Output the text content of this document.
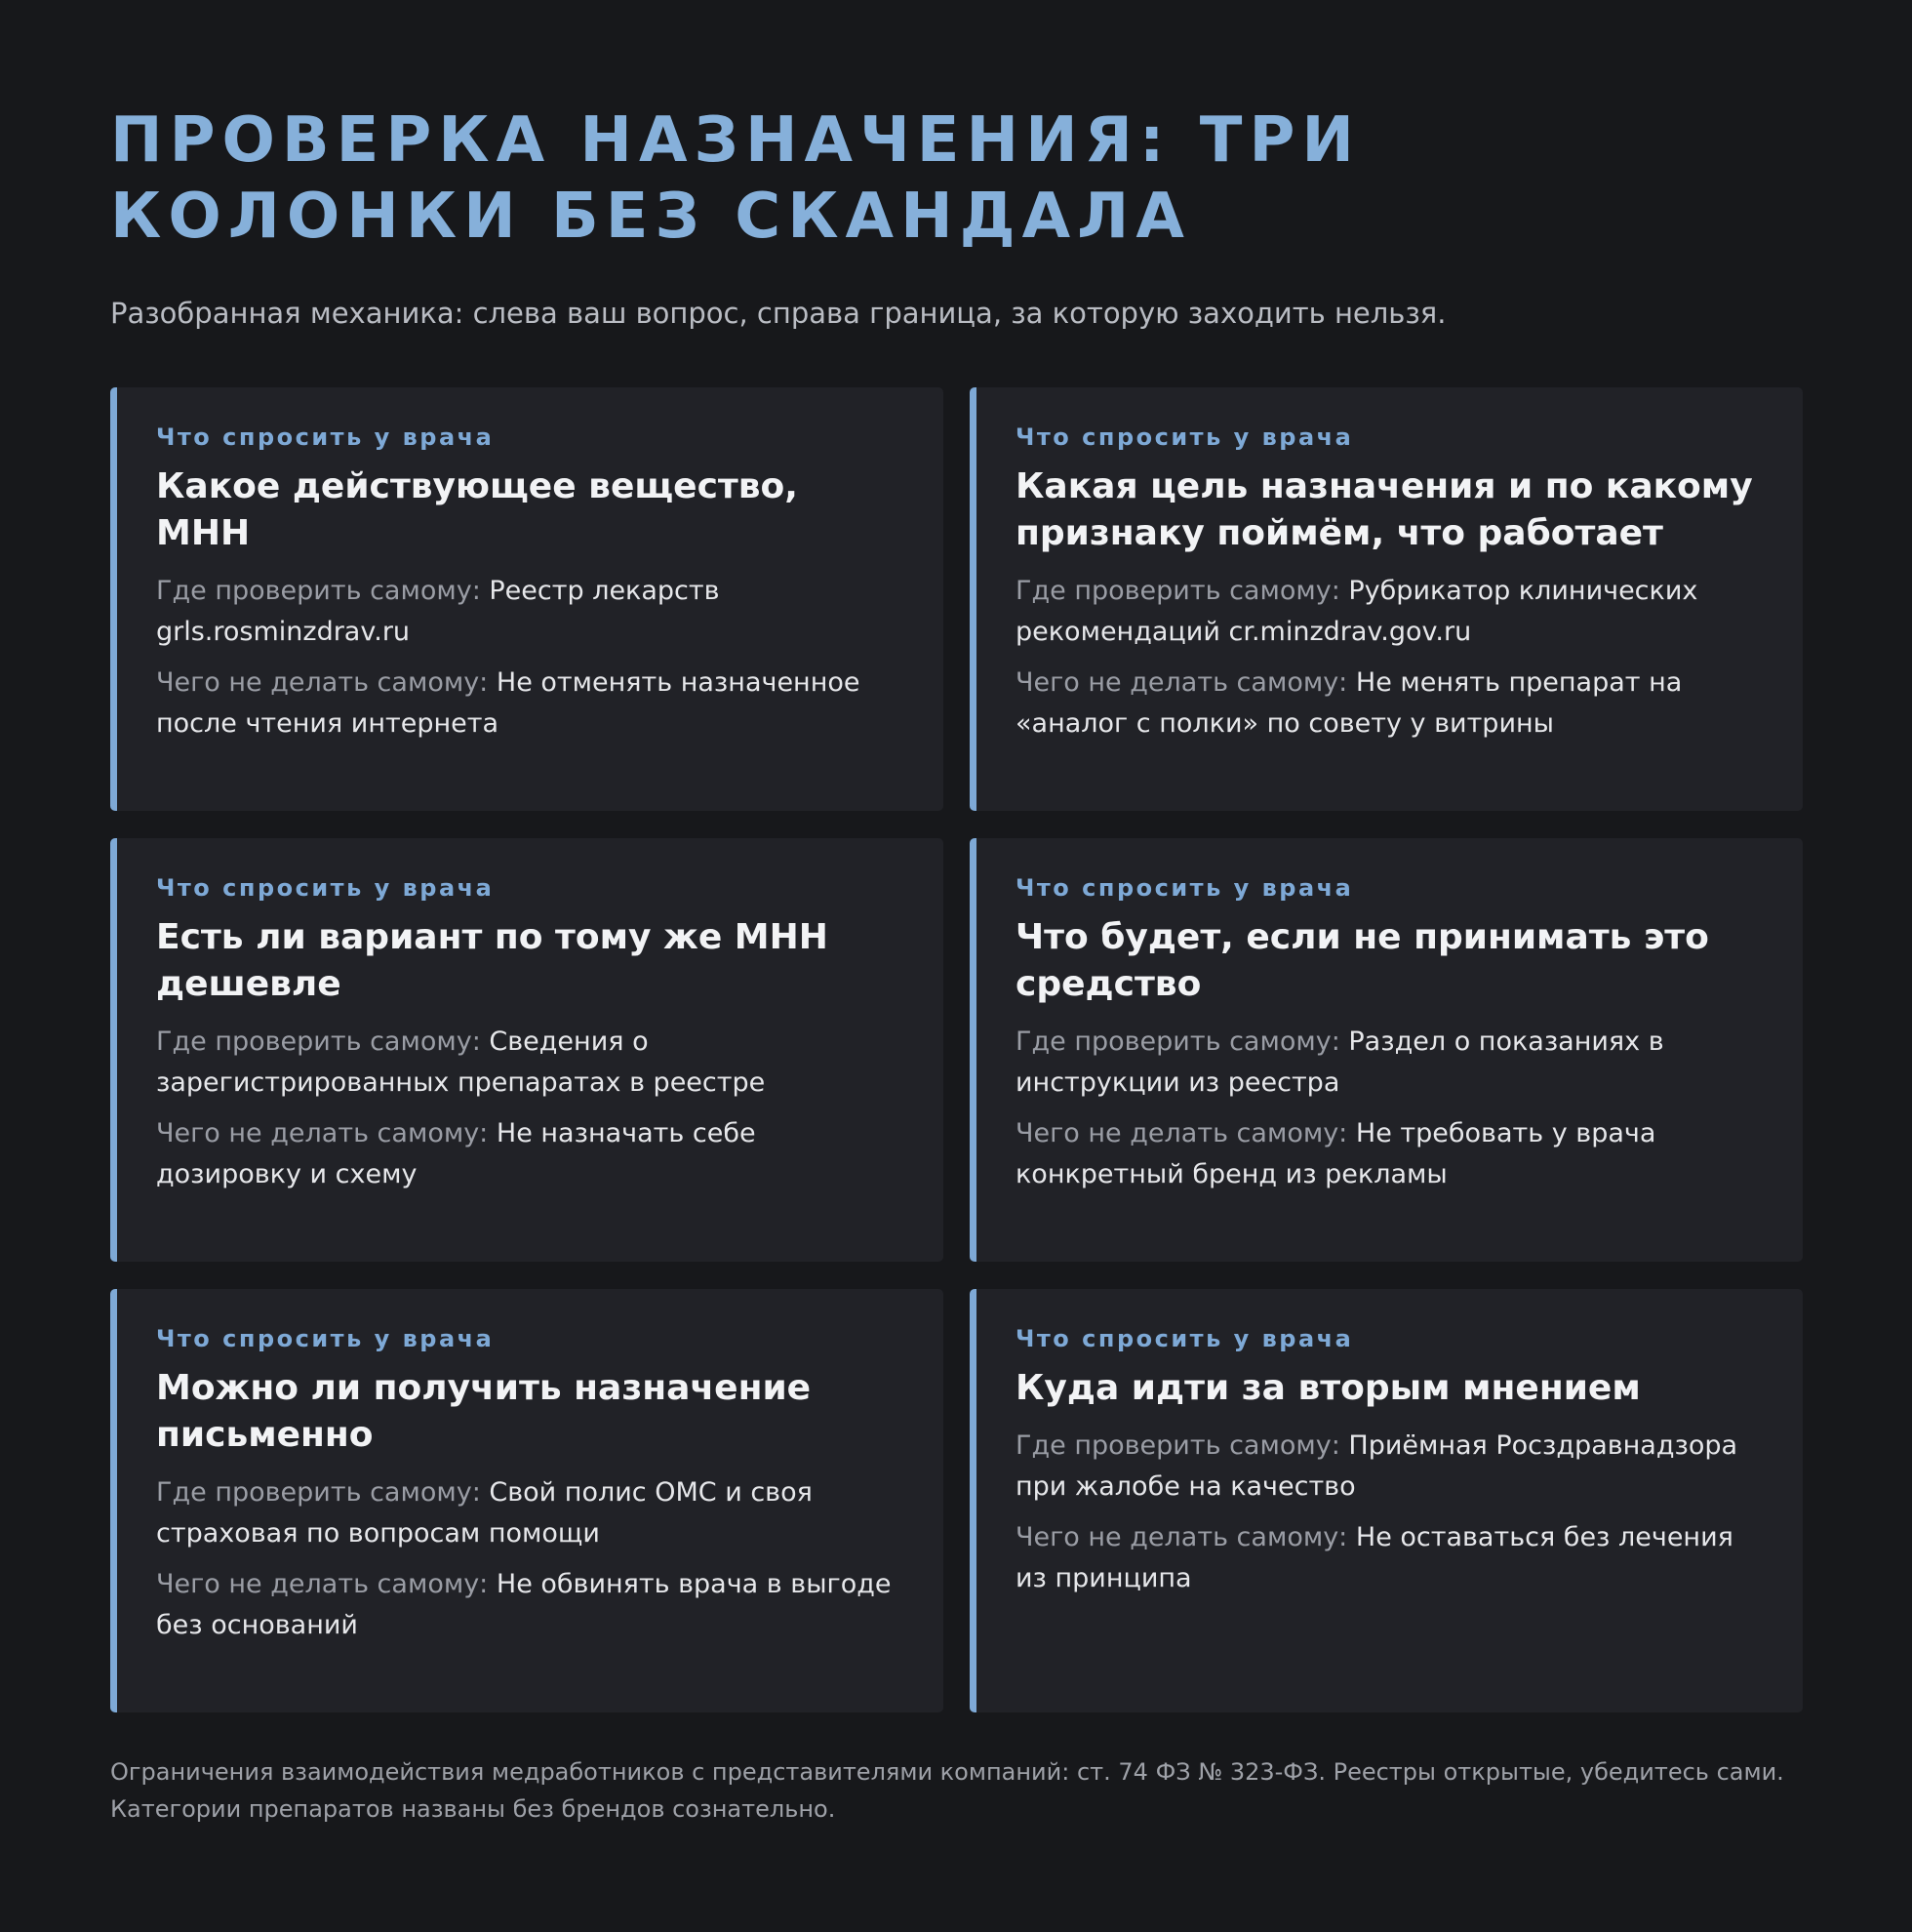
ПРОВЕРКА НАЗНАЧЕНИЯ: ТРИ КОЛОНКИ БЕЗ СКАНДАЛА

Разобранная механика: слева ваш вопрос, справа граница, за которую заходить нельзя.

Что спросить у врача
Какое действующее вещество, МНН
Где проверить самому: Реестр лекарств grls.rosminzdrav.ru
Чего не делать самому: Не отменять назначенное после чтения интернета
Что спросить у врача
Какая цель назначения и по какому признаку поймём, что работает
Где проверить самому: Рубрикатор клинических рекомендаций cr.minzdrav.gov.ru
Чего не делать самому: Не менять препарат на «аналог с полки» по совету у витрины
Что спросить у врача
Есть ли вариант по тому же МНН дешевле
Где проверить самому: Сведения о зарегистрированных препаратах в реестре
Чего не делать самому: Не назначать себе дозировку и схему
Что спросить у врача
Что будет, если не принимать это средство
Где проверить самому: Раздел о показаниях в инструкции из реестра
Чего не делать самому: Не требовать у врача конкретный бренд из рекламы
Что спросить у врача
Можно ли получить назначение письменно
Где проверить самому: Свой полис ОМС и своя страховая по вопросам помощи
Чего не делать самому: Не обвинять врача в выгоде без оснований
Что спросить у врача
Куда идти за вторым мнением
Где проверить самому: Приёмная Росздравнадзора при жалобе на качество
Чего не делать самому: Не оставаться без лечения из принципа

Ограничения взаимодействия медработников с представителями компаний: ст. 74 ФЗ № 323-ФЗ. Реестры открытые, убедитесь сами.

Категории препаратов названы без брендов сознательно.
